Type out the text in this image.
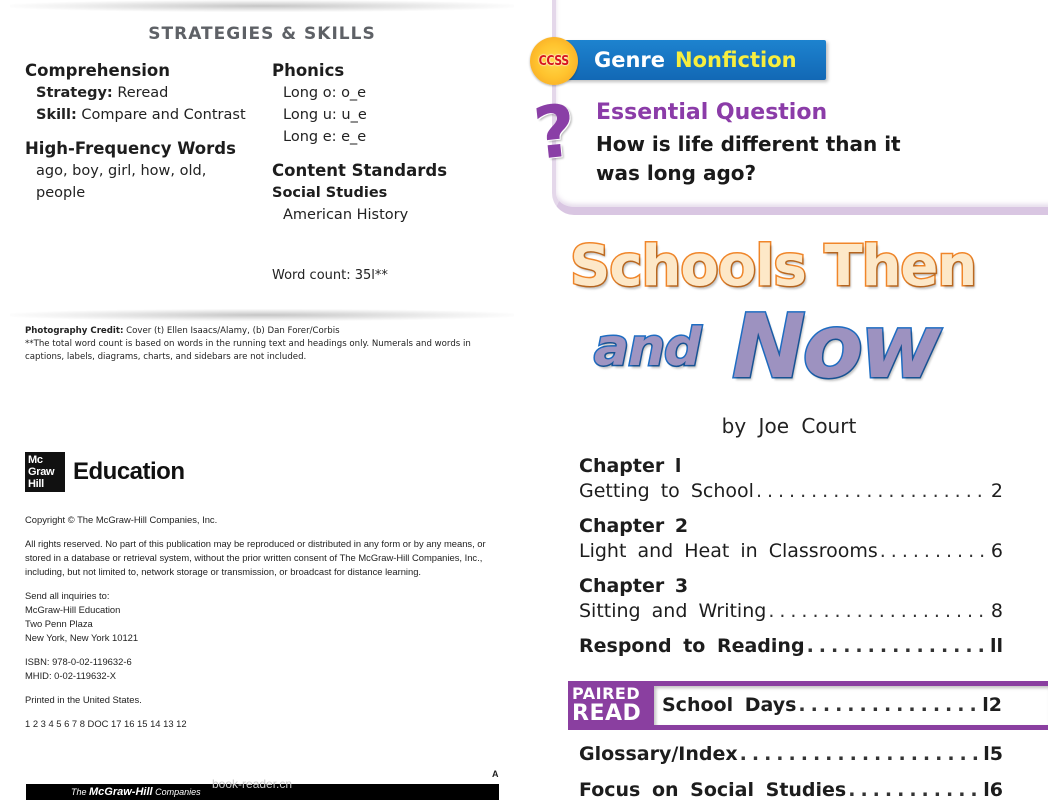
STRATEGIES & SKILLS
Comprehension
Strategy: Reread
Skill: Compare and Contrast
High-Frequency Words
ago, boy, girl, how, old,
people
Phonics
Long o: o_e
Long u: u_e
Long e: e_e
Content Standards
Social Studies
American History
Word count: 35l**
Photography Credit: Cover (t) Ellen Isaacs/Alamy, (b) Dan Forer/Corbis
**The total word count is based on words in the running text and headings only. Numerals and words in captions, labels, diagrams, charts, and sidebars are not included.
Mc
Graw
Hill	Education

Copyright © The McGraw-Hill Companies, Inc.

All rights reserved. No part of this publication may be reproduced or distributed in any form or by any means, or stored in a database or retrieval system, without the prior written consent of The McGraw-Hill Companies, Inc., including, but not limited to, network storage or transmission, or broadcast for distance learning.

Send all inquiries to:
McGraw-Hill Education
Two Penn Plaza

New York, New York 10121

ISBN: 978-0-02-119632-6

MHID: 0-02-119632-X

Printed in the United States.

1 2 3 4 5 6 7 8 DOC 17 16 15 14 13 12

A
The McGraw-Hill Companies
book-reader.cn
Genre Nonfiction
CCSS
? Essential Question
How is life different than it was long ago?
Schools Then
and Now
by Joe Court
Chapter l
Getting to School .....	2
Chapter 2
Light and Heat in Classrooms .....	6
Chapter 3
Sitting and Writing .....	8
Respond to Reading .....	ll
PAIRED
READ	School Days .....	l2
Glossary/Index .....	l5
Focus on Social Studies .....	l6
